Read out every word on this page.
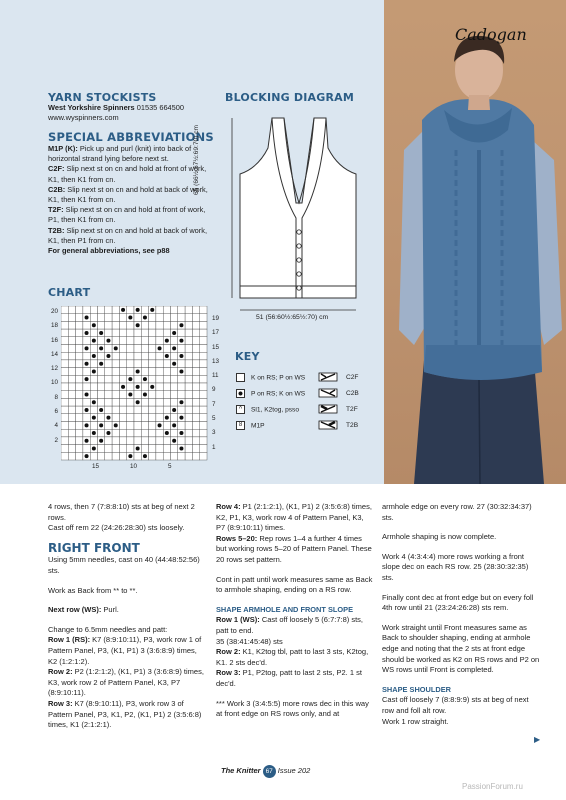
Cadogan
YARN STOCKISTS
West Yorkshire Spinners 01535 664500
www.wyspinners.com
SPECIAL ABBREVIATIONS
M1P (K): Pick up and purl (knit) into back of horizontal strand lying before next st.
C2F: Slip next st on cn and hold at front of work, K1, then K1 from cn.
C2B: Slip next st on cn and hold at back of work, K1, then K1 from cn.
T2F: Slip next st on cn and hold at front of work, P1, then K1 from cn.
T2B: Slip next st on cn and hold at back of work, K1, then P1 from cn.
For general abbreviations, see p88
BLOCKING DIAGRAM
65 (66½:67½:69:70) cm
51 (56:60½:65½:70) cm
CHART
20
18
16
14
12
10
8
6
4
2
19
17
15
13
11
9
7
5
3
1
15	10	5
KEY
K on RS; P on WS
P on RS; K on WS
^ Sl1, K2tog, psso
8 M1P
C2F
C2B
T2F
T2B

4 rows, then 7 (7:8:8:10) sts at beg of next 2 rows.

Cast off rem 22 (24:26:28:30) sts loosely.

RIGHT FRONT

Using 5mm needles, cast on 40 (44:48:52:56) sts.

Work as Back from ** to **.

Next row (WS): Purl.

Change to 6.5mm needles and patt:
Row 1 (RS): K7 (8:9:10:11), P3, work row 1 of Pattern Panel, P3, (K1, P1) 3 (3:6:8:9) times, K2 (1:2:1:2).
Row 2: P2 (1:2:1:2), (K1, P1) 3 (3:6:8:9) times, K3, work row 2 of Pattern Panel, K3, P7 (8:9:10:11).
Row 3: K7 (8:9:10:11), P3, work row 3 of Pattern Panel, P3, K1, P2, (K1, P1) 2 (3:5:6:8) times, K1 (2:1:2:1).
Row 4: P1 (2:1:2:1), (K1, P1) 2 (3:5:6:8) times, K2, P1, K3, work row 4 of Pattern Panel, K3, P7 (8:9:10:11) times.

Rows 5–20: Rep rows 1–4 a further 4 times but working rows 5–20 of Pattern Panel. These 20 rows set pattern.

Cont in patt until work measures same as Back to armhole shaping, ending on a RS row.

SHAPE ARMHOLE AND FRONT SLOPE
Row 1 (WS): Cast off loosely 5 (6:7:7:8) sts, patt to end.
35 (38:41:45:48) sts
Row 2: K1, K2tog tbl, patt to last 3 sts, K2tog, K1. 2 sts dec'd.

Row 3: P1, P2tog, patt to last 2 sts, P2. 1 st dec'd.

*** Work 3 (3:4:5:5) more rows dec in this way at front edge on RS rows only, and at

armhole edge on every row. 27 (30:32:34:37) sts.

Armhole shaping is now complete.

Work 4 (4:3:4:4) more rows working a front slope dec on each RS row. 25 (28:30:32:35) sts.

Finally cont dec at front edge but on every foll 4th row until 21 (23:24:26:28) sts rem.

Work straight until Front measures same as Back to shoulder shaping, ending at armhole edge and noting that the 2 sts at front edge should be worked as K2 on RS rows and P2 on WS rows until Front is completed.

SHAPE SHOULDER
Cast off loosely 7 (8:8:9:9) sts at beg of next row and foll alt row.
Work 1 row straight.
▶
The Knitter 67 Issue 202
PassionForum.ru
